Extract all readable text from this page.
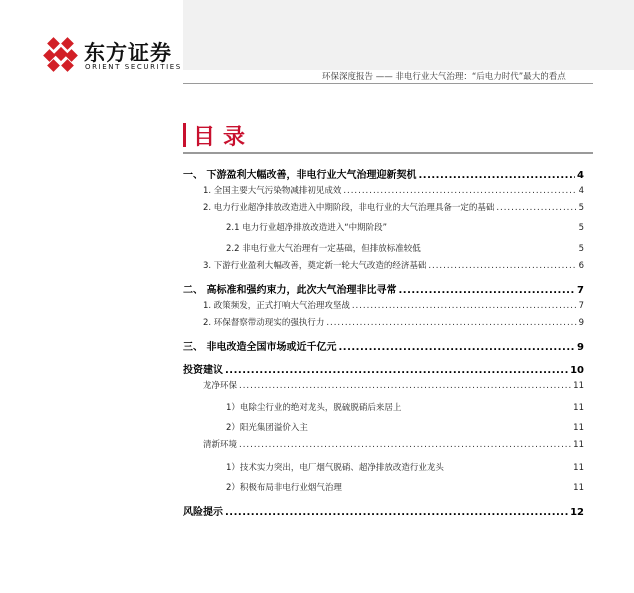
东方证券
ORIENT SECURITIES
环保深度报告 —— 非电行业大气治理：“后电力时代”最大的看点
目录
一、 下游盈利大幅改善，非电行业大气治理迎新契机 .....	4
1. 全国主要大气污染物减排初见成效 .....	4
2. 电力行业超净排放改造进入中期阶段，非电行业的大气治理具备一定的基础 .....	5
2.1 电力行业超净排放改造进入“中期阶段”	5
2.2 非电行业大气治理有一定基础，但排放标准较低	5
3. 下游行业盈利大幅改善，奠定新一轮大气改造的经济基础 .....	6
二、 高标准和强约束力，此次大气治理非比寻常 .....	7
1. 政策频发，正式打响大气治理攻坚战 .....	7
2. 环保督察带动现实的强执行力 .....	9
三、 非电改造全国市场或近千亿元 .....	9
投资建议 .....	10
龙净环保 .....	11
1）电除尘行业的绝对龙头，脱硫脱硝后来居上	11
2）阳光集团溢价入主	11
清新环境 .....	11
1）技术实力突出，电厂烟气脱硝、超净排放改造行业龙头	11
2）积极布局非电行业烟气治理	11
风险提示 .....	12
